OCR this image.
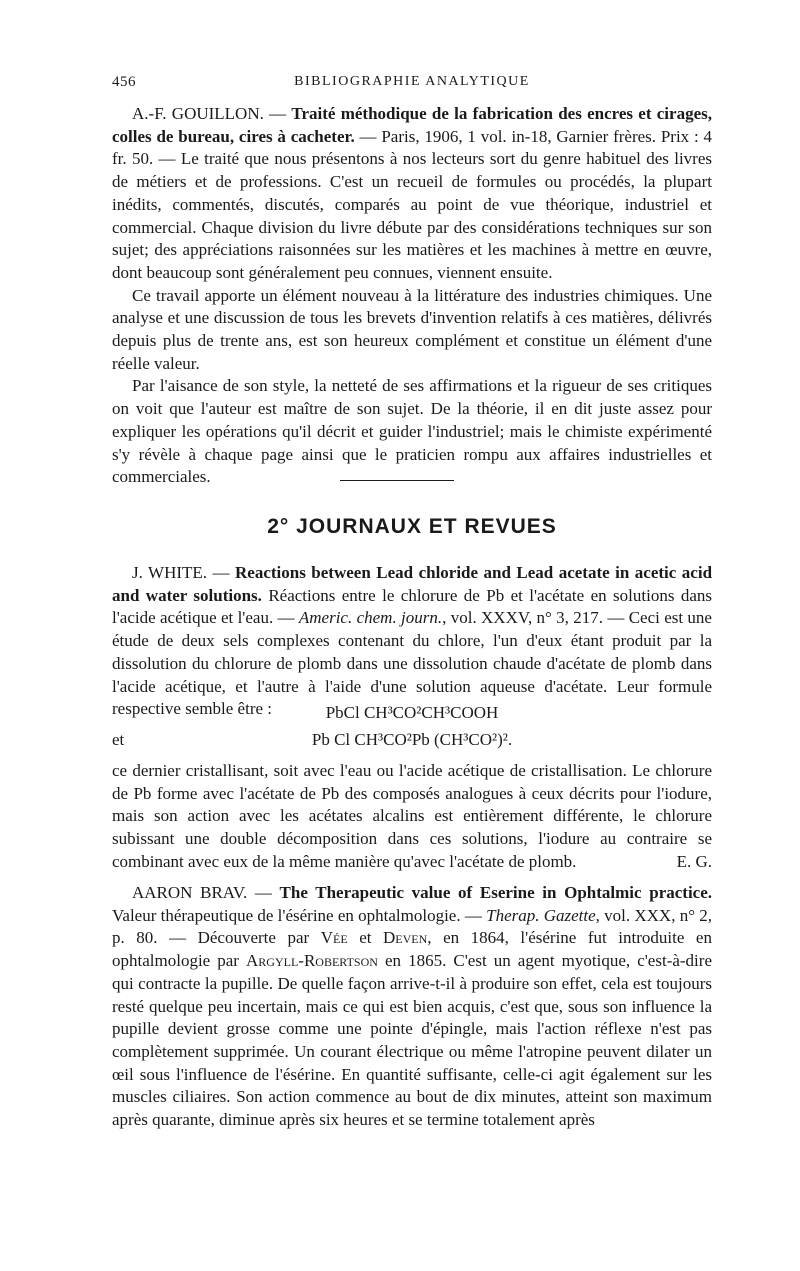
456	BIBLIOGRAPHIE ANALYTIQUE

A.-F. GOUILLON. — Traité méthodique de la fabrication des encres et cirages, colles de bureau, cires à cacheter. — Paris, 1906, 1 vol. in-18, Garnier frères. Prix : 4 fr. 50. — Le traité que nous présentons à nos lecteurs sort du genre habituel des livres de métiers et de professions. C'est un recueil de formules ou procédés, la plupart inédits, commentés, discutés, comparés au point de vue théorique, industriel et commercial. Chaque division du livre débute par des considérations techniques sur son sujet; des appréciations raisonnées sur les matières et les machines à mettre en œuvre, dont beaucoup sont généralement peu connues, viennent ensuite.

Ce travail apporte un élément nouveau à la littérature des industries chimiques. Une analyse et une discussion de tous les brevets d'invention relatifs à ces matières, délivrés depuis plus de trente ans, est son heureux complément et constitue un élément d'une réelle valeur.

Par l'aisance de son style, la netteté de ses affirmations et la rigueur de ses critiques on voit que l'auteur est maître de son sujet. De la théorie, il en dit juste assez pour expliquer les opérations qu'il décrit et guider l'industriel; mais le chimiste expérimenté s'y révèle à chaque page ainsi que le praticien rompu aux affaires industrielles et commerciales.

2° JOURNAUX ET REVUES

J. WHITE. — Reactions between Lead chloride and Lead acetate in acetic acid and water solutions. Réactions entre le chlorure de Pb et l'acétate en solutions dans l'acide acétique et l'eau. — Americ. chem. journ., vol. XXXV, n° 3, 217. — Ceci est une étude de deux sels complexes contenant du chlore, l'un d'eux étant produit par la dissolution du chlorure de plomb dans une dissolution chaude d'acétate de plomb dans l'acide acétique, et l'autre à l'aide d'une solution aqueuse d'acétate. Leur formule respective semble être :	PbCl CH³CO²CH³COOH
et	Pb Cl CH³CO²Pb (CH³CO²)².

ce dernier cristallisant, soit avec l'eau ou l'acide acétique de cristallisation. Le chlorure de Pb forme avec l'acétate de Pb des composés analogues à ceux décrits pour l'iodure, mais son action avec les acétates alcalins est entièrement différente, le chlorure subissant une double décomposition dans ces solutions, l'iodure au contraire se combinant avec eux de la même manière qu'avec l'acétate de plomb.	E. G.

AARON BRAV. — The Therapeutic value of Eserine in Ophtalmic practice. Valeur thérapeutique de l'ésérine en ophtalmologie. — Therap. Gazette, vol. XXX, n° 2, p. 80. — Découverte par Vée et Deven, en 1864, l'ésérine fut introduite en ophtalmologie par Argyll-Robertson en 1865. C'est un agent myotique, c'est-à-dire qui contracte la pupille. De quelle façon arrive-t-il à produire son effet, cela est toujours resté quelque peu incertain, mais ce qui est bien acquis, c'est que, sous son influence la pupille devient grosse comme une pointe d'épingle, mais l'action réflexe n'est pas complètement supprimée. Un courant électrique ou même l'atropine peuvent dilater un œil sous l'influence de l'ésérine. En quantité suffisante, celle-ci agit également sur les muscles ciliaires. Son action commence au bout de dix minutes, atteint son maximum après quarante, diminue après six heures et se termine totalement après
